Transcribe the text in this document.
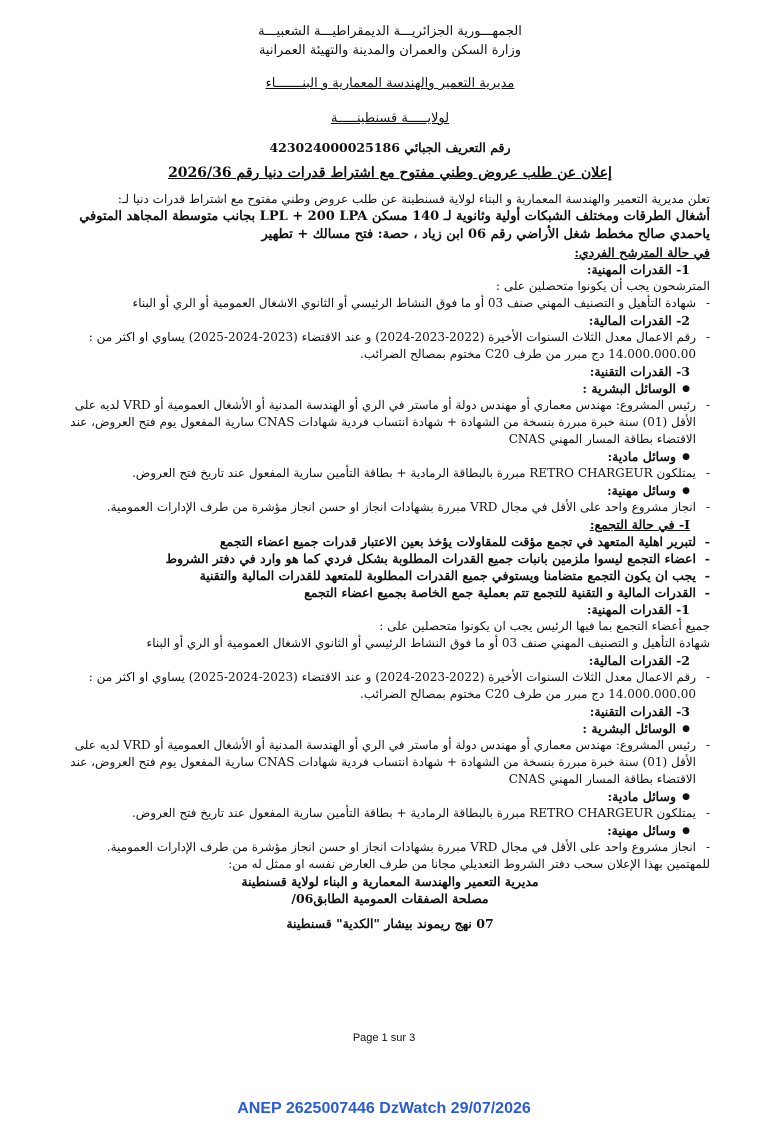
الجمهـــورية الجزائريـــة الديمقراطيـــة الشعبيـــة
وزارة السكن والعمران والمدينة والتهيئة العمرانية
مديرية التعمير والهندسة المعمارية و البنـــــــاء
لولايـــــة قسنطينـــــة
رقم التعريف الجبائي 423024000025186
إعلان عن طلب عروض وطني مفتوح مع اشتراط قدرات دنيا رقم 2026/36

تعلن مديرية التعمير والهندسة المعمارية و البناء لولاية قسنطينة عن طلب عروض وطني مفتوح مع اشتراط قدرات دنيا لـ:

أشغال الطرقات ومختلف الشبكات أولية وثانوية لـ 140 مسكن LPL + 200 LPA بجانب متوسطة المجاهد المتوفي ياحمدي صالح مخطط شغل الأراضي رقم 06 ابن زياد ، حصة: فتح مسالك + تطهير

في حالة المترشح الفردي:

1- القدرات المهنية:

المترشحون يجب أن يكونوا متحصلين على :

- شهادة التأهيل و التصنيف المهني صنف 03 أو ما فوق النشاط الرئيسي أو الثانوي الاشغال العمومية أو الري أو البناء

2- القدرات المالية:

- رقم الاعمال معدل الثلاث السنوات الأخيرة (2022-2023-2024) و عند الاقتضاء (2023-2024-2025) يساوي او اكثر من : 14.000.000.00 دج مبرر من طرف C20 مختوم بمصالح الضرائب.

3- القدرات التقنية:

● الوسائل البشرية :

- رئيس المشروع: مهندس معماري أو مهندس دولة أو ماستر في الري أو الهندسة المدنية أو الأشغال العمومية أو VRD لديه على الأقل (01) سنة خبرة مبررة بنسخة من الشهادة + شهادة انتساب فردية شهادات CNAS سارية المفعول يوم فتح العروض، عند الاقتضاء بطاقة المسار المهني CNAS

● وسائل مادية:

- يمتلكون RETRO CHARGEUR مبررة بالبطاقة الرمادية + بطاقة التأمين سارية المفعول عند تاريخ فتح العروض.

● وسائل مهنية:

- انجاز مشروع واحد على الأقل في مجال VRD مبررة بشهادات انجاز او حسن انجاز مؤشرة من طرف الإدارات العمومية.

I- في حالة التجمع:

- لتبرير اهلية المتعهد في تجمع مؤقت للمقاولات يؤخذ بعين الاعتبار قدرات جميع اعضاء التجمع

- اعضاء التجمع ليسوا ملزمين بانبات جميع القدرات المطلوبة بشكل فردي كما هو وارد في دفتر الشروط

- يجب ان يكون التجمع متضامنا ويستوفي جميع القدرات المطلوبة للمتعهد للقدرات المالية والتقنية

- القدرات المالية و التقنية للتجمع تتم بعملية جمع الخاصة بجميع اعضاء التجمع

1- القدرات المهنية:

جميع أعضاء التجمع بما فيها الرئيس يجب ان يكونوا متحصلين على :

شهادة التأهيل و التصنيف المهني صنف 03 أو ما فوق النشاط الرئيسي أو الثانوي الاشغال العمومية أو الري أو البناء

2- القدرات المالية:

- رقم الاعمال معدل الثلاث السنوات الأخيرة (2022-2023-2024) و عند الاقتضاء (2023-2024-2025) يساوي او اكثر من : 14.000.000.00 دج مبرر من طرف C20 مختوم بمصالح الضرائب.

3- القدرات التقنية:

● الوسائل البشرية :

- رئيس المشروع: مهندس معماري أو مهندس دولة أو ماستر في الري أو الهندسة المدنية أو الأشغال العمومية أو VRD لديه على الأقل (01) سنة خبرة مبررة بنسخة من الشهادة + شهادة انتساب فردية شهادات CNAS سارية المفعول يوم فتح العروض، عند الاقتضاء بطاقة المسار المهني CNAS

● وسائل مادية:

- يمتلكون RETRO CHARGEUR مبررة بالبطاقة الرمادية + بطاقة التأمين سارية المفعول عند تاريخ فتح العروض.

● وسائل مهنية:

- انجاز مشروع واحد على الأقل في مجال VRD مبررة بشهادات انجاز او حسن انجاز مؤشرة من طرف الإدارات العمومية.

للمهتمين بهذا الإعلان سحب دفتر الشروط التعديلي مجانا من طرف العارض نفسه او ممثل له من:

مديرية التعمير والهندسة المعمارية و البناء لولاية قسنطينة

مصلحة الصفقات العمومية الطابق06/

07 نهج ريموند بيشار "الكدية" قسنطينة

Page 1 sur 3
ANEP 2625007446 DzWatch 29/07/2026
